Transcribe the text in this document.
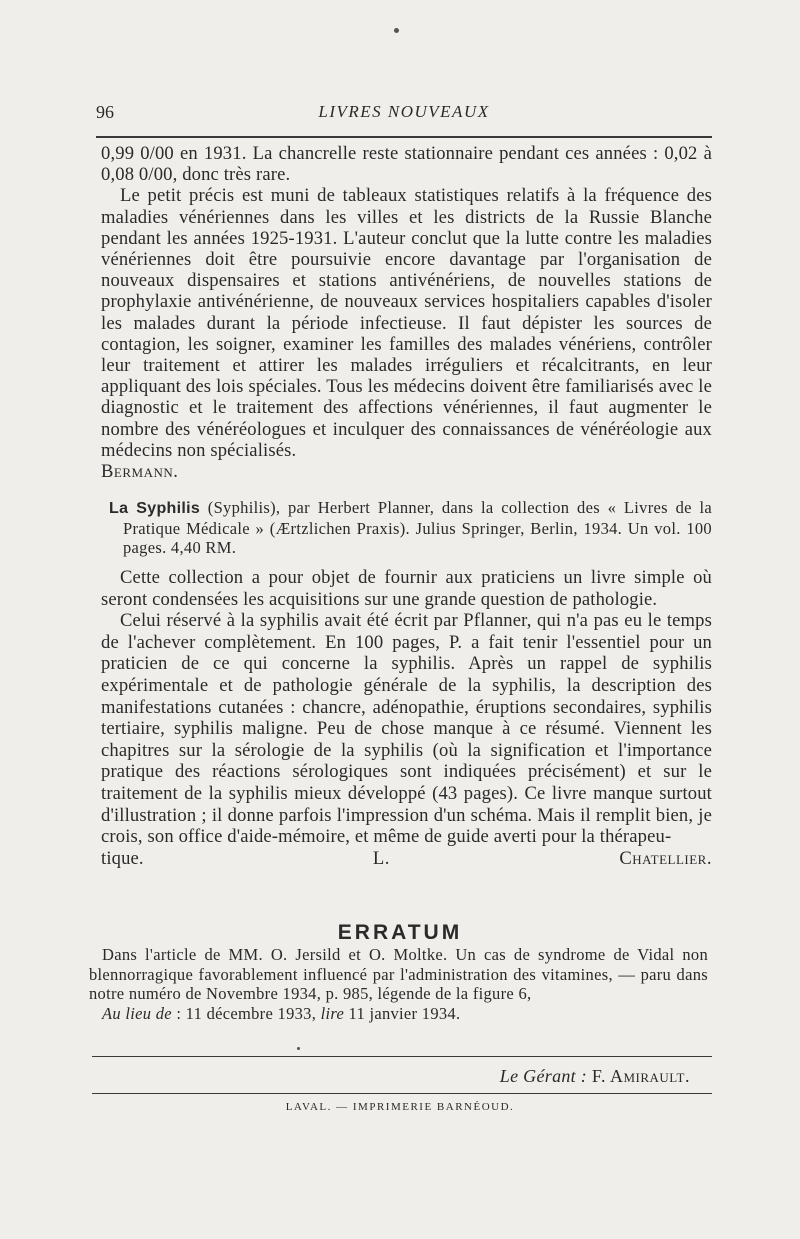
96	LIVRES NOUVEAUX

0,99 0/00 en 1931. La chancrelle reste stationnaire pendant ces années : 0,02 à 0,08 0/00, donc très rare.

Le petit précis est muni de tableaux statistiques relatifs à la fréquence des maladies vénériennes dans les villes et les districts de la Russie Blanche pendant les années 1925-1931. L'auteur conclut que la lutte contre les maladies vénériennes doit être poursuivie encore davantage par l'organisation de nouveaux dispensaires et stations antivénériens, de nouvelles stations de prophylaxie antivénérienne, de nouveaux services hospitaliers capables d'isoler les malades durant la période infectieuse. Il faut dépister les sources de contagion, les soigner, examiner les familles des malades vénériens, contrôler leur traitement et attirer les malades irréguliers et récalcitrants, en leur appliquant des lois spéciales. Tous les médecins doivent être familiarisés avec le diagnostic et le traitement des affections vénériennes, il faut augmenter le nombre des vénéréologues et inculquer des connaissances de vénéréologie aux médecins non spécialisés.

Bermann.

La Syphilis (Syphilis), par Herbert Planner, dans la collection des « Livres de la Pratique Médicale » (Ærtzlichen Praxis). Julius Springer, Berlin, 1934. Un vol. 100 pages. 4,40 RM.

Cette collection a pour objet de fournir aux praticiens un livre simple où seront condensées les acquisitions sur une grande question de pathologie.

Celui réservé à la syphilis avait été écrit par Pflanner, qui n'a pas eu le temps de l'achever complètement. En 100 pages, P. a fait tenir l'essentiel pour un praticien de ce qui concerne la syphilis. Après un rappel de syphilis expérimentale et de pathologie générale de la syphilis, la description des manifestations cutanées : chancre, adénopathie, éruptions secondaires, syphilis tertiaire, syphilis maligne. Peu de chose manque à ce résumé. Viennent les chapitres sur la sérologie de la syphilis (où la signification et l'importance pratique des réactions sérologiques sont indiquées précisément) et sur le traitement de la syphilis mieux développé (43 pages). Ce livre manque surtout d'illustration ; il donne parfois l'impression d'un schéma. Mais il remplit bien, je crois, son office d'aide-mémoire, et même de guide averti pour la thérapeu-

tique.	L. Chatellier.

ERRATUM

Dans l'article de MM. O. Jersild et O. Moltke. Un cas de syndrome de Vidal non blennorragique favorablement influencé par l'administration des vitamines, — paru dans notre numéro de Novembre 1934, p. 985, légende de la figure 6,

Au lieu de : 11 décembre 1933, lire 11 janvier 1934.

Le Gérant : F. Amirault.
LAVAL. — IMPRIMERIE BARNÉOUD.
